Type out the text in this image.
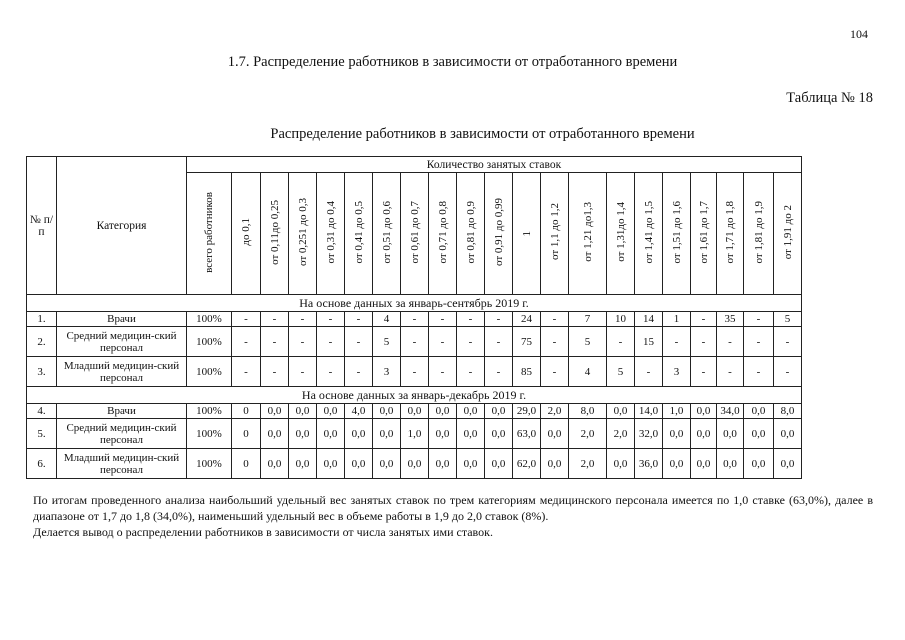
104
1.7. Распределение работников в зависимости от отработанного времени
Таблица № 18
Распределение работников в зависимости от отработанного времени
№ п/п	Категория	Количество занятых ставок																				
		всего работников	до 0,1	от 0,11до 0,25	от 0,251 до 0,3	от 0,31 до 0,4	от 0,41 до 0,5	от 0,51 до 0,6	от 0,61 до 0,7	от 0,71 до 0,8	от 0,81 до 0,9	от 0,91 до 0,99	1	от 1,1 до 1,2	от 1,21 до1,3	от 1,31до 1,4	от 1,41 до 1,5	от 1,51 до 1,6	от 1,61 до 1,7	от 1,71 до 1,8	от 1,81 до 1,9	от 1,91 до 2
На основе данных за январь-сентябрь 2019 г.																						
1.	Врачи	100%	-	-	-	-	-	4	-	-	-	-	24	-	7	10	14	1	-	35	-	5
2.	Средний медицин-ский персонал	100%	-	-	-	-	-	5	-	-	-	-	75	-	5	-	15	-	-	-	-	-
3.	Младший медицин-ский персонал	100%	-	-	-	-	-	3	-	-	-	-	85	-	4	5	-	3	-	-	-	-
На основе данных за январь-декабрь 2019 г.																						
4.	Врачи	100%	0	0,0	0,0	0,0	4,0	0,0	0,0	0,0	0,0	0,0	29,0	2,0	8,0	0,0	14,0	1,0	0,0	34,0	0,0	8,0
5.	Средний медицин-ский персонал	100%	0	0,0	0,0	0,0	0,0	0,0	1,0	0,0	0,0	0,0	63,0	0,0	2,0	2,0	32,0	0,0	0,0	0,0	0,0	0,0
6.	Младший медицин-ский персонал	100%	0	0,0	0,0	0,0	0,0	0,0	0,0	0,0	0,0	0,0	62,0	0,0	2,0	0,0	36,0	0,0	0,0	0,0	0,0	0,0

По итогам проведенного анализа наибольший удельный вес занятых ставок по трем категориям медицинского персонала имеется по 1,0 ставке (63,0%), далее в диапазоне от 1,7 до 1,8 (34,0%), наименьший удельный вес в объеме работы в 1,9 до 2,0 ставок (8%).

Делается вывод о распределении работников в зависимости от числа занятых ими ставок.
